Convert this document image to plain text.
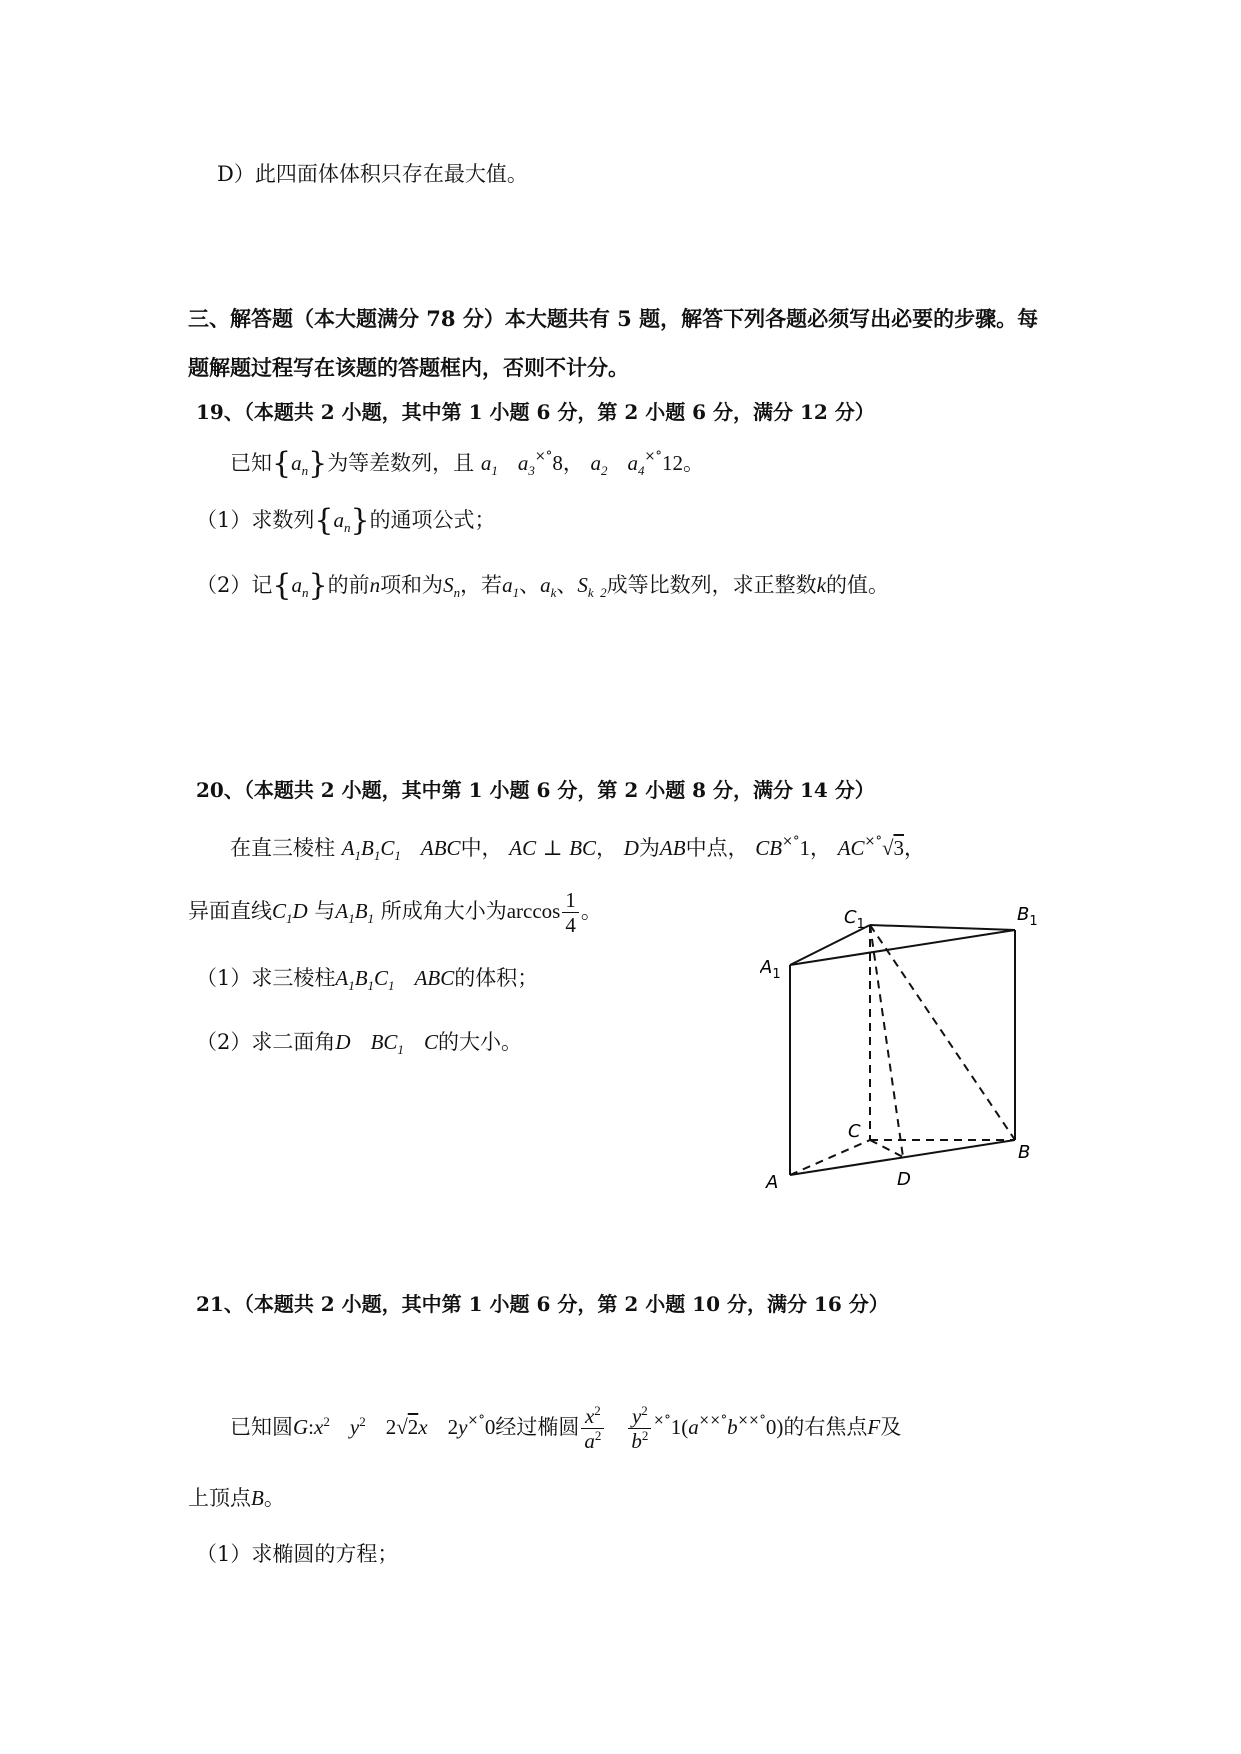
D）此四面体体积只存在最大值。
三、解答题（本大题满分 78 分）本大题共有 5 题，解答下列各题必须写出必要的步骤。每
题解题过程写在该题的答题框内，否则不计分。
19、（本题共 2 小题，其中第 1 小题 6 分，第 2 小题 6 分，满分 12 分）
已知$\{a_n\}$为等差数列，且 $a_1$ $a_3^{\times^\circ}8$， $a_2$ $a_4^{\times^\circ}12$。
（1）求数列$\{a_n\}$的通项公式；
（2）记$\{a_n\}$的前n项和为$S_n$，若$a_1$、$a_k$、$S_{k 2}$成等比数列，求正整数k的值。
20、（本题共 2 小题，其中第 1 小题 6 分，第 2 小题 8 分，满分 14 分）
在直三棱柱 $A_1B_1C_1$ ABC中， AC ⊥ BC， D为AB中点， CB×°1， AC×°√3，
异面直线$C_1D$ 与$A_1B_1$ 所成角大小为$\arccos \frac{1}{4}$ 。
（1）求三棱柱$A_1B_1C_1$ ABC的体积；
（2）求二面角D $BC_1$ C的大小。
$C_1$	$B_1$
$A_1$
C
B
A	D
21、（本题共 2 小题，其中第 1 小题 6 分，第 2 小题 10 分，满分 16 分）
已知圆$G:x^2$ $y^2$ 2√2x 2y×°0经过椭圆 $\frac{x^2}{a^2}$
$\frac{y^2}{b^2} ^{\times^\circ}1(a^{\times\times^\circ}b^{\times\times^\circ}0)$的右焦点F及
上顶点B。
（1）求椭圆的方程；
